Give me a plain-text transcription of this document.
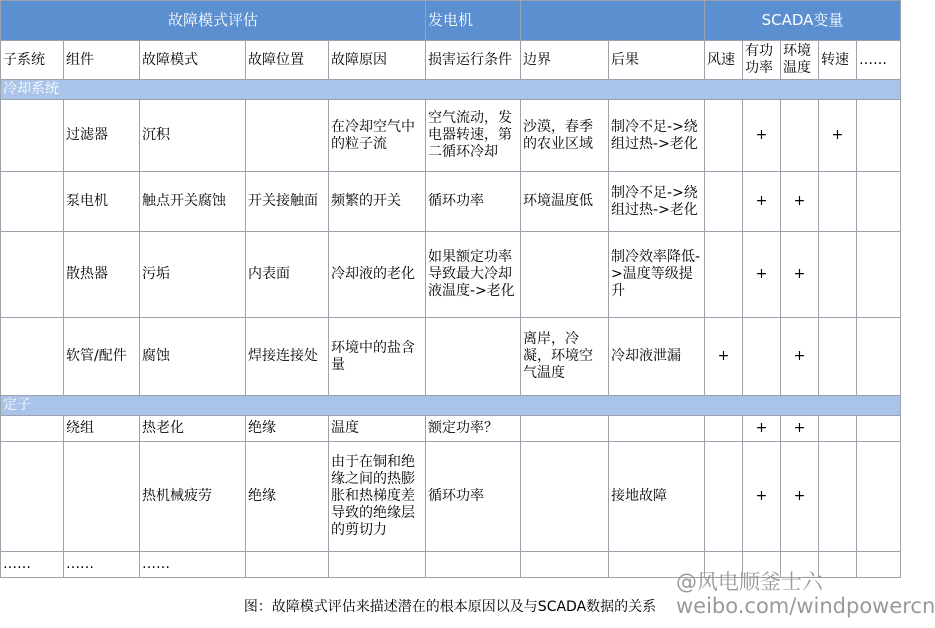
故障模式评估					发电机			SCADA变量				
子系统	组件	故障模式	故障位置	故障原因	损害运行条件	边界	后果	风速	有功功率	环境温度	转速	……
冷却系统												
	过滤器	沉积		在冷却空气中的粒子流	空气流动，发电器转速，第二循环冷却	沙漠，春季的农业区域	制冷不足->绕组过热->老化		+		+	
	泵电机	触点开关腐蚀	开关接触面	频繁的开关	循环功率	环境温度低	制冷不足->绕组过热->老化		+	+		
	散热器	污垢	内表面	冷却液的老化	如果额定功率导致最大冷却液温度->老化		制冷效率降低->温度等级提升		+	+		
	软管/配件	腐蚀	焊接连接处	环境中的盐含量		离岸，冷凝，环境空气温度	冷却液泄漏	+		+		
定子												
	绕组	热老化	绝缘	温度	额定功率？				+	+		
		热机械疲劳	绝缘	由于在铜和绝缘之间的热膨胀和热梯度差导致的绝缘层的剪切力	循环功率		接地故障		+	+		
……	……	……										
图：故障模式评估来描述潜在的根本原因以及与SCADA数据的关系
@风电顺釜士六
weibo.com/windpowercn
